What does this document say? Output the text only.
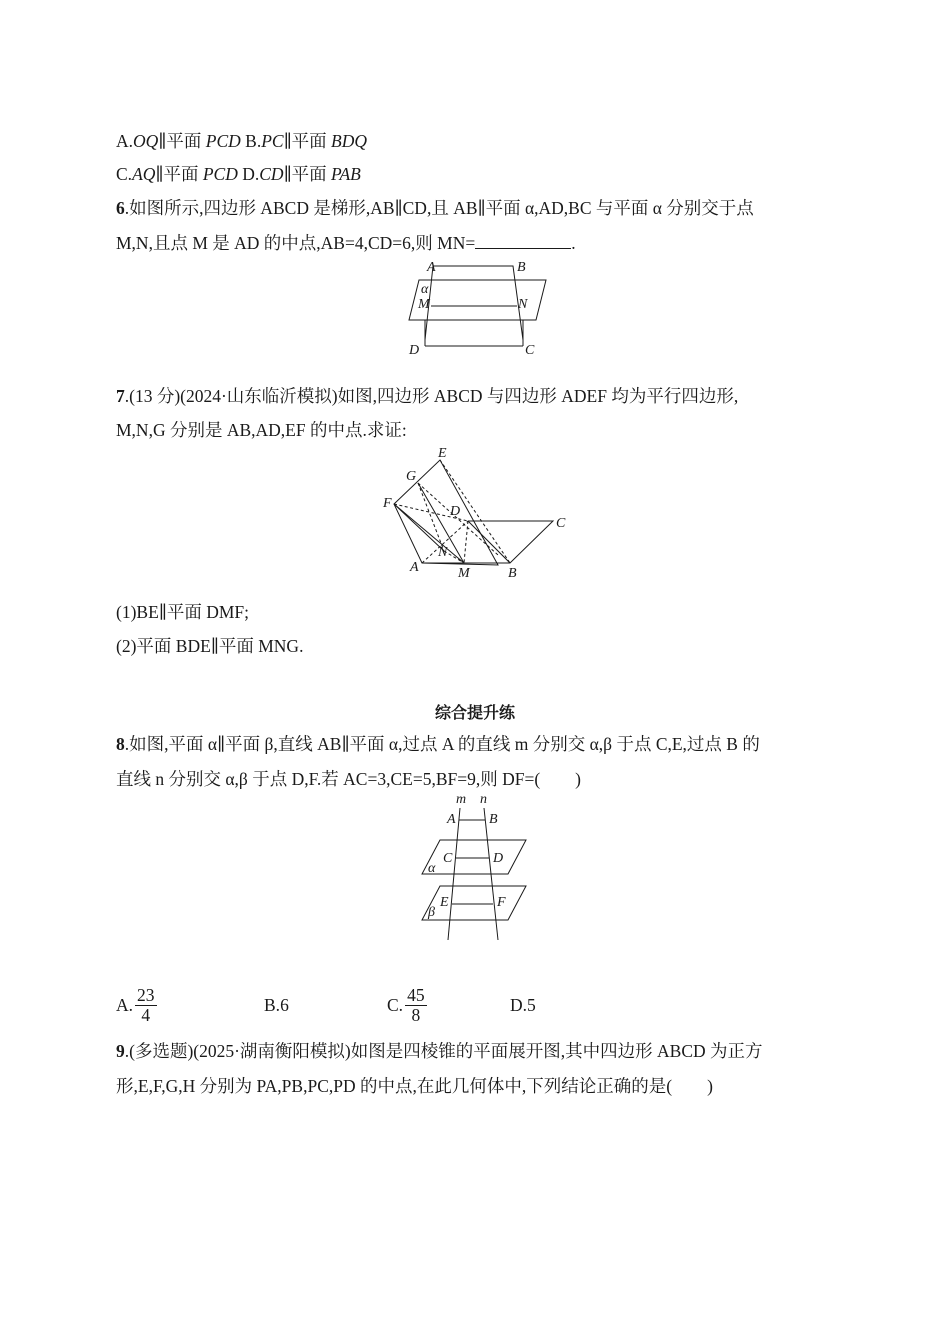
A.OQ∥平面 PCD B.PC∥平面 BDQ
C.AQ∥平面 PCD D.CD∥平面 PAB
6.如图所示,四边形 ABCD 是梯形,AB∥CD,且 AB∥平面 α,AD,BC 与平面 α 分别交于点
M,N,且点 M 是 AD 的中点,AB=4,CD=6,则 MN=	.
A	B
α
M	N
D	C
7.(13 分)(2024·山东临沂模拟)如图,四边形 ABCD 与四边形 ADEF 均为平行四边形,
M,N,G 分别是 AB,AD,EF 的中点.求证:
E
G
F
D
C
N
A	M	B
(1)BE∥平面 DMF;
(2)平面 BDE∥平面 MNG.
综合提升练
8.如图,平面 α∥平面 β,直线 AB∥平面 α,过点 A 的直线 m 分别交 α,β 于点 C,E,过点 B 的
直线 n 分别交 α,β 于点 D,F.若 AC=3,CE=5,BF=9,则 DF=(　　)
m n
A B
C	D
α
E	F
β
A. $\frac{23}{4}$	B. 6	C. $\frac{45}{8}$	D. 5
9.(多选题)(2025·湖南衡阳模拟)如图是四棱锥的平面展开图,其中四边形 ABCD 为正方
形,E,F,G,H 分别为 PA,PB,PC,PD 的中点,在此几何体中,下列结论正确的是(　　)
